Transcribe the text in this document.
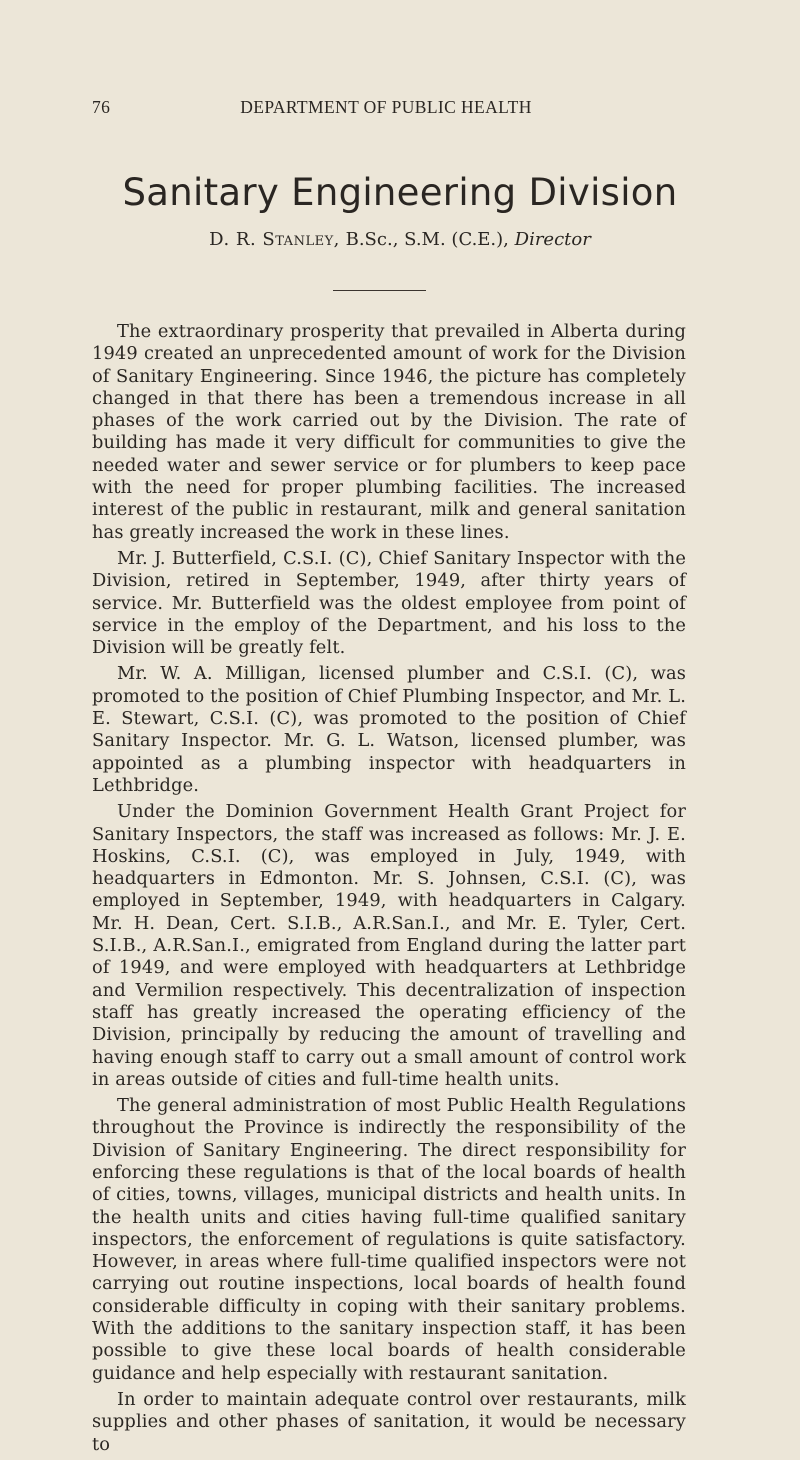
76	DEPARTMENT OF PUBLIC HEALTH
Sanitary Engineering Division
D. R. Stanley, B.Sc., S.M. (C.E.), Director

The extraordinary prosperity that prevailed in Alberta during 1949 created an unprecedented amount of work for the Division of Sanitary Engineering. Since 1946, the picture has completely changed in that there has been a tremendous increase in all phases of the work carried out by the Division. The rate of building has made it very difficult for communities to give the needed water and sewer service or for plumbers to keep pace with the need for proper plumbing facilities. The increased interest of the public in restaurant, milk and general sanitation has greatly increased the work in these lines.

Mr. J. Butterfield, C.S.I. (C), Chief Sanitary Inspector with the Division, retired in September, 1949, after thirty years of service. Mr. Butterfield was the oldest employee from point of service in the employ of the Department, and his loss to the Division will be greatly felt.

Mr. W. A. Milligan, licensed plumber and C.S.I. (C), was promoted to the position of Chief Plumbing Inspector, and Mr. L. E. Stewart, C.S.I. (C), was promoted to the position of Chief Sanitary Inspector. Mr. G. L. Watson, licensed plumber, was appointed as a plumbing inspector with headquarters in Lethbridge.

Under the Dominion Government Health Grant Project for Sanitary Inspectors, the staff was increased as follows: Mr. J. E. Hoskins, C.S.I. (C), was employed in July, 1949, with headquarters in Edmonton. Mr. S. Johnsen, C.S.I. (C), was employed in September, 1949, with headquarters in Calgary. Mr. H. Dean, Cert. S.I.B., A.R.San.I., and Mr. E. Tyler, Cert. S.I.B., A.R.San.I., emigrated from England during the latter part of 1949, and were employed with headquarters at Lethbridge and Vermilion respectively. This decentralization of inspection staff has greatly increased the operating efficiency of the Division, principally by reducing the amount of travelling and having enough staff to carry out a small amount of control work in areas outside of cities and full-time health units.

The general administration of most Public Health Regulations throughout the Province is indirectly the responsibility of the Division of Sanitary Engineering. The direct responsibility for enforcing these regulations is that of the local boards of health of cities, towns, villages, municipal districts and health units. In the health units and cities having full-time qualified sanitary inspectors, the enforcement of regulations is quite satisfactory. However, in areas where full-time qualified inspectors were not carrying out routine inspections, local boards of health found considerable difficulty in coping with their sanitary problems. With the additions to the sanitary inspection staff, it has been possible to give these local boards of health considerable guidance and help especially with restaurant sanitation.

In order to maintain adequate control over restaurants, milk supplies and other phases of sanitation, it would be necessary to
